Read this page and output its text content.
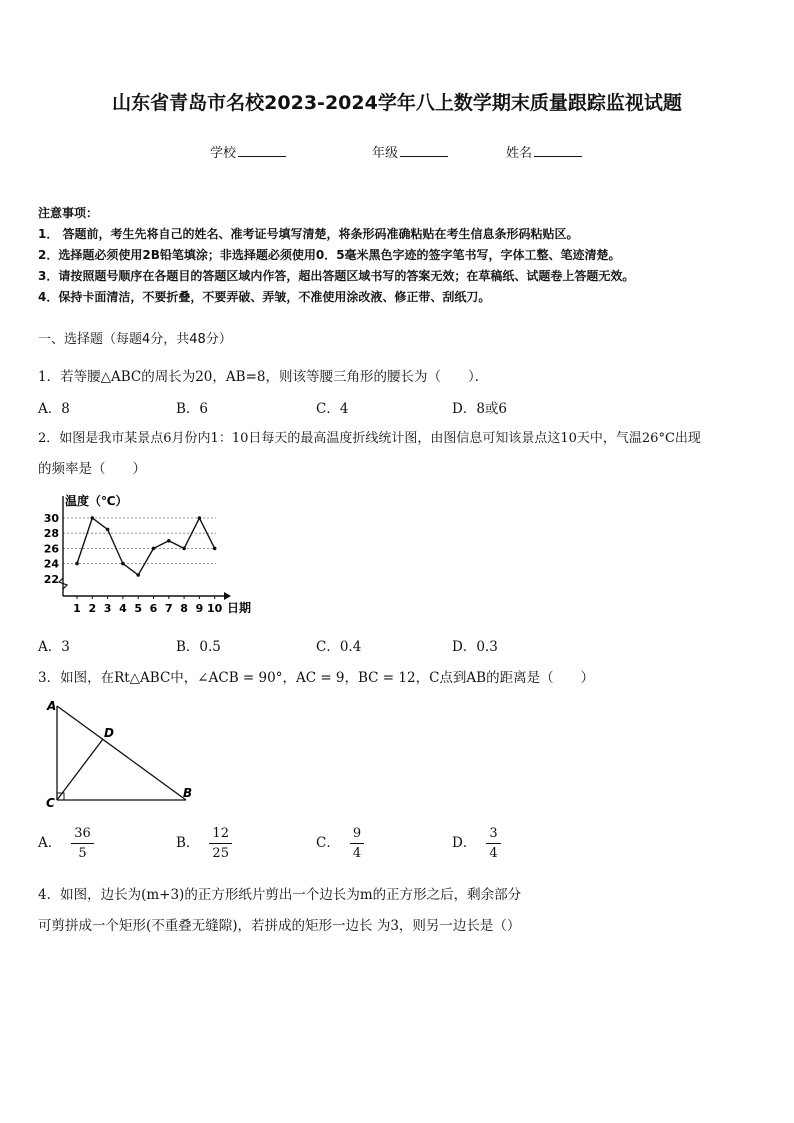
山东省青岛市名校2023-2024学年八上数学期末质量跟踪监视试题
学校	年级	姓名
注意事项：
1． 答题前，考生先将自己的姓名、准考证号填写清楚，将条形码准确粘贴在考生信息条形码粘贴区。
2．选择题必须使用2B铅笔填涂；非选择题必须使用0．5毫米黑色字迹的签字笔书写，字体工整、笔迹清楚。
3．请按照题号顺序在各题目的答题区域内作答，超出答题区域书写的答案无效；在草稿纸、试题卷上答题无效。
4．保持卡面清洁，不要折叠，不要弄破、弄皱，不准使用涂改液、修正带、刮纸刀。
一、选择题（每题4分，共48分）
1．若等腰△ABC的周长为20，AB=8，则该等腰三角形的腰长为（　　）．
A．8	B．6	C．4	D．8或6
2．如图是我市某景点6月份内1：10日每天的最高温度折线统计图，由图信息可知该景点这10天中，气温26°C出现
的频率是（　　）
温度（℃）
日期
22
24
26
28
30
1 2 3 4 5 6 7 8 9 10
A．3	B．0.5	C．0.4	D．0.3
3．如图，在Rt△ABC中，∠ACB = 90°，AC = 9，BC = 12，C点到AB的距离是（　　）
A
D
C
B
A． $\frac{36}{5}$	B． $\frac{12}{25}$	C． $\frac{9}{4}$	D． $\frac{3}{4}$
4．如图，边长为(m+3)的正方形纸片剪出一个边长为m的正方形之后，剩余部分
可剪拼成一个矩形(不重叠无缝隙)，若拼成的矩形一边长 为3，则另一边长是（）
